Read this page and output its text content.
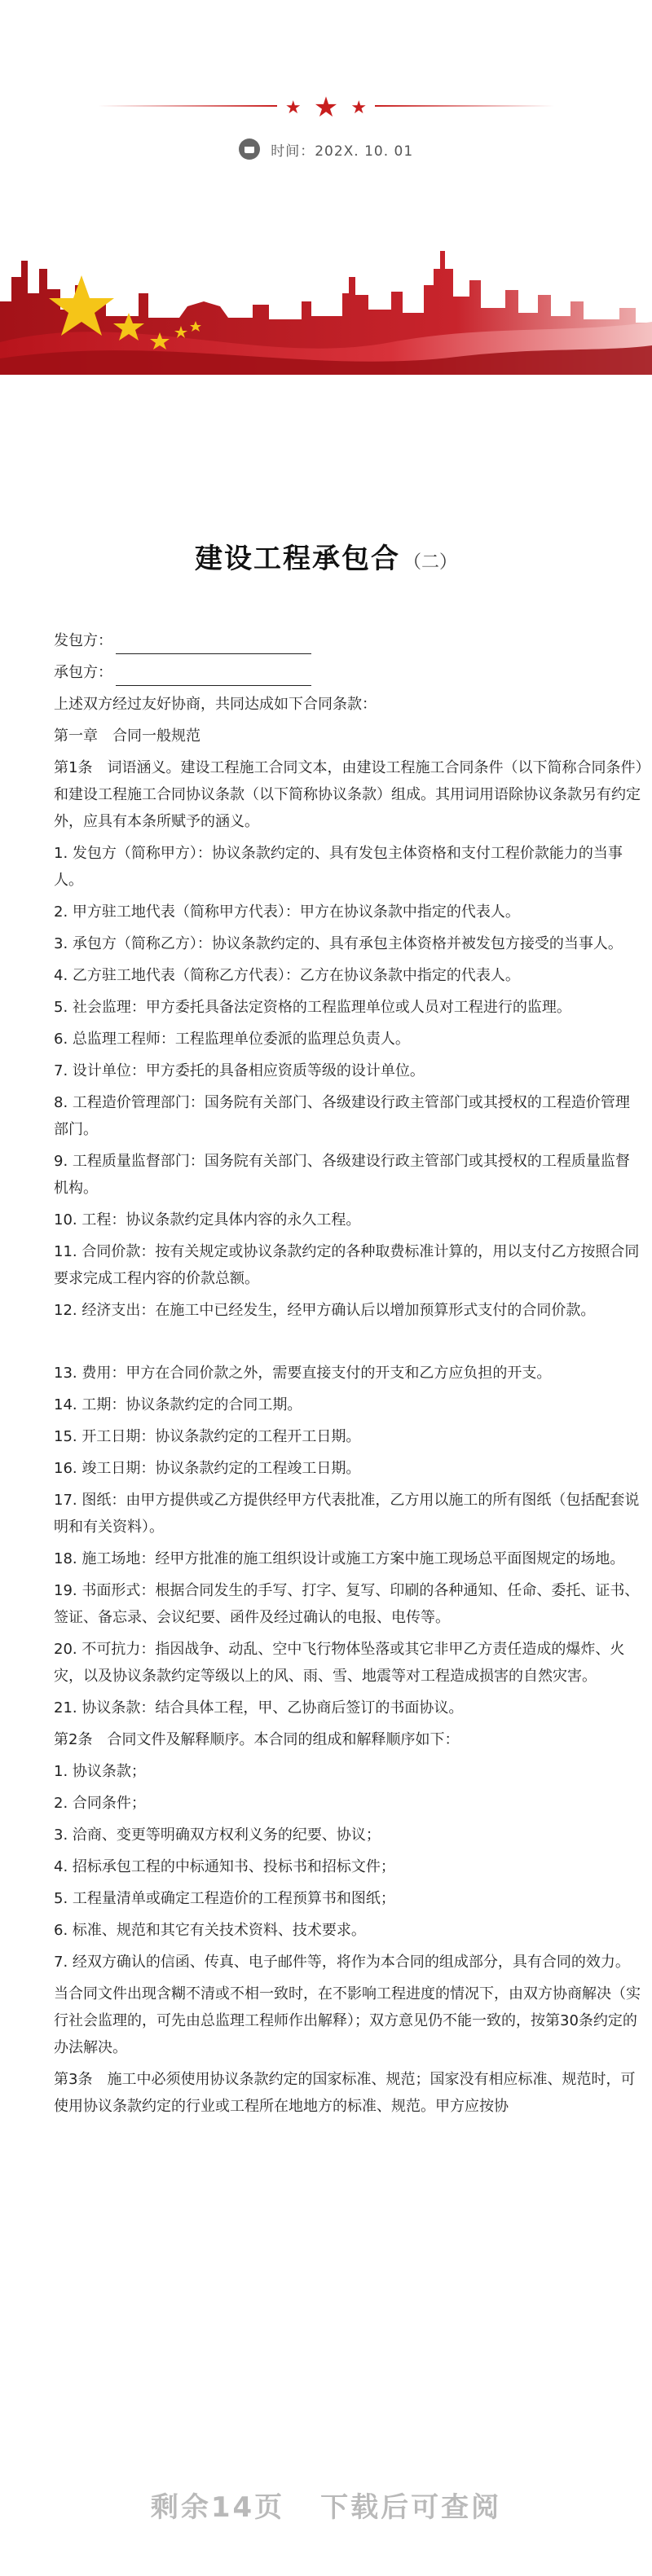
★ ★ ★
时间：202X. 10. 01
建设工程承包合 （二）

发包方：

承包方：

上述双方经过友好协商，共同达成如下合同条款：

第一章　合同一般规范

第1条　词语涵义。建设工程施工合同文本，由建设工程施工合同条件（以下简称合同条件）和建设工程施工合同协议条款（以下简称协议条款）组成。其用词用语除协议条款另有约定外，应具有本条所赋予的涵义。

1. 发包方（简称甲方）：协议条款约定的、具有发包主体资格和支付工程价款能力的当事人。

2. 甲方驻工地代表（简称甲方代表）：甲方在协议条款中指定的代表人。

3. 承包方（简称乙方）：协议条款约定的、具有承包主体资格并被发包方接受的当事人。

4. 乙方驻工地代表（简称乙方代表）：乙方在协议条款中指定的代表人。

5. 社会监理：甲方委托具备法定资格的工程监理单位或人员对工程进行的监理。

6. 总监理工程师：工程监理单位委派的监理总负责人。

7. 设计单位：甲方委托的具备相应资质等级的设计单位。

8. 工程造价管理部门：国务院有关部门、各级建设行政主管部门或其授权的工程造价管理部门。

9. 工程质量监督部门：国务院有关部门、各级建设行政主管部门或其授权的工程质量监督机构。

10. 工程：协议条款约定具体内容的永久工程。

11. 合同价款：按有关规定或协议条款约定的各种取费标准计算的，用以支付乙方按照合同要求完成工程内容的价款总额。

12. 经济支出：在施工中已经发生，经甲方确认后以增加预算形式支付的合同价款。

13. 费用：甲方在合同价款之外，需要直接支付的开支和乙方应负担的开支。

14. 工期：协议条款约定的合同工期。

15. 开工日期：协议条款约定的工程开工日期。

16. 竣工日期：协议条款约定的工程竣工日期。

17. 图纸：由甲方提供或乙方提供经甲方代表批准，乙方用以施工的所有图纸（包括配套说明和有关资料）。

18. 施工场地：经甲方批准的施工组织设计或施工方案中施工现场总平面图规定的场地。

19. 书面形式：根据合同发生的手写、打字、复写、印刷的各种通知、任命、委托、证书、签证、备忘录、会议纪要、函件及经过确认的电报、电传等。

20. 不可抗力：指因战争、动乱、空中飞行物体坠落或其它非甲乙方责任造成的爆炸、火灾，以及协议条款约定等级以上的风、雨、雪、地震等对工程造成损害的自然灾害。

21. 协议条款：结合具体工程，甲、乙协商后签订的书面协议。

第2条　合同文件及解释顺序。本合同的组成和解释顺序如下：

1. 协议条款；

2. 合同条件；

3. 洽商、变更等明确双方权利义务的纪要、协议；

4. 招标承包工程的中标通知书、投标书和招标文件；

5. 工程量清单或确定工程造价的工程预算书和图纸；

6. 标准、规范和其它有关技术资料、技术要求。

7. 经双方确认的信函、传真、电子邮件等，将作为本合同的组成部分，具有合同的效力。

当合同文件出现含糊不清或不相一致时，在不影响工程进度的情况下，由双方协商解决（实行社会监理的，可先由总监理工程师作出解释）；双方意见仍不能一致的，按第30条约定的办法解决。

第3条　施工中必须使用协议条款约定的国家标准、规范；国家没有相应标准、规范时，可使用协议条款约定的行业或工程所在地地方的标准、规范。甲方应按协

剩余14页 下载后可查阅
